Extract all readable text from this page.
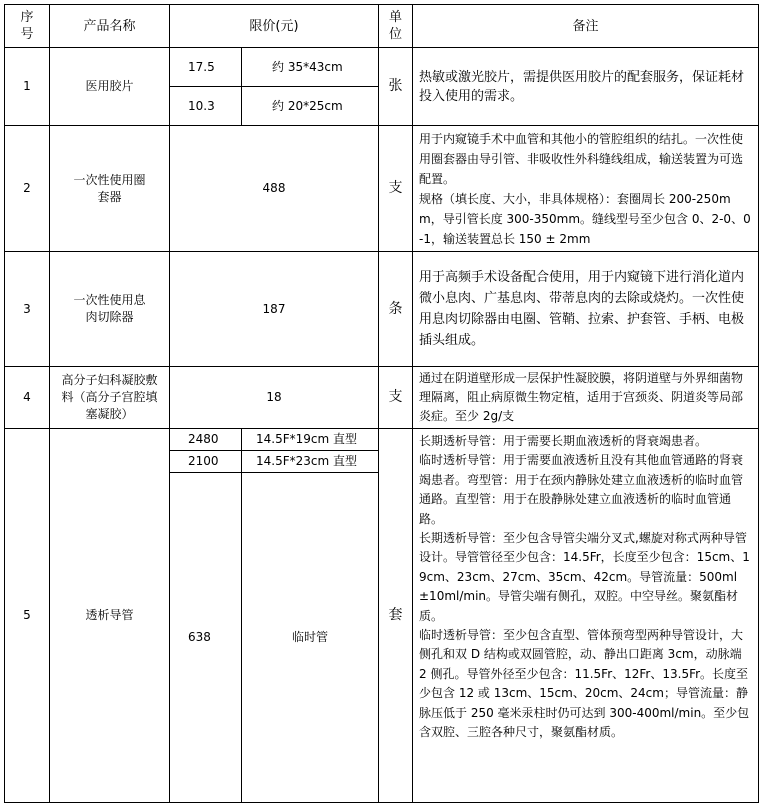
序号	产品名称	限价(元)		单位	备注
1	医用胶片	17.5	约 35*43cm	张	热敏或激光胶片，需提供医用胶片的配套服务，保证耗材投入使用的需求。
		10.3	约 20*25cm		
2	一次性使用圈套器	488		支	用于内窥镜手术中血管和其他小的管腔组织的结扎。一次性使用圈套器由导引管、非吸收性外科缝线组成，输送装置为可选配置。
规格（填长度、大小，非具体规格）：套圈周长 200-250mm，导引管长度 300-350mm。缝线型号至少包含 0、2-0、0-1，输送装置总长 150 ± 2mm

3	一次性使用息肉切除器	187		条	用于高频手术设备配合使用，用于内窥镜下进行消化道内微小息肉、广基息肉、带蒂息肉的去除或烧灼。一次性使用息肉切除器由电圈、管鞘、拉索、护套管、手柄、电极插头组成。
4	高分子妇科凝胶敷料（高分子宫腔填塞凝胶）	18		支	通过在阴道壁形成一层保护性凝胶膜，将阴道壁与外界细菌物理隔离，阻止病原微生物定植，适用于宫颈炎、阴道炎等局部炎症。至少 2g/支
5	透析导管	2480	14.5F*19cm 直型	套	长期透析导管：用于需要长期血液透析的肾衰竭患者。
临时透析导管：用于需要血液透析且没有其他血管通路的肾衰竭患者。弯型管：用于在颈内静脉处建立血液透析的临时血管通路。直型管：用于在股静脉处建立血液透析的临时血管通路。
长期透析导管：至少包含导管尖端分叉式,螺旋对称式两种导管设计。导管管径至少包含：14.5Fr，长度至少包含：15cm、19cm、23cm、27cm、35cm、42cm。导管流量：500ml±10ml/min。导管尖端有侧孔，双腔。中空导丝。聚氨酯材质。
临时透析导管：至少包含直型、管体预弯型两种导管设计，大侧孔和双 D 结构或双圆管腔，动、静出口距离 3cm，动脉端 2 侧孔。导管外径至少包含：11.5Fr、12Fr、13.5Fr。长度至少包含 12 或 13cm、15cm、20cm、24cm；导管流量：静脉压低于 250 毫米汞柱时仍可达到 300-400ml/min。至少包含双腔、三腔各种尺寸，聚氨酯材质。

		2100	14.5F*23cm 直型		
		638	临时管		
